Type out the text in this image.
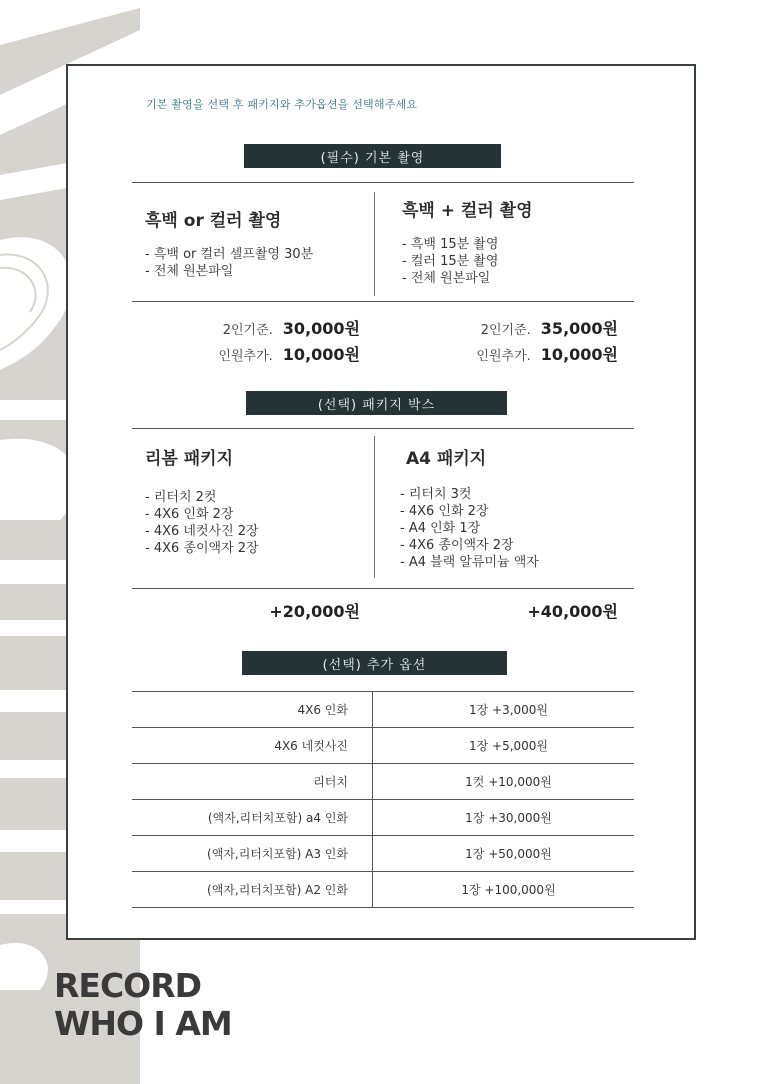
기본 촬영을 선택 후 패키지와 추가옵션을 선택해주세요
(필수) 기본 촬영
흑백 or 컬러 촬영
- 흑백 or 컬러 셀프촬영 30분
- 전체 원본파일
흑백 + 컬러 촬영
- 흑백 15분 촬영
- 컬러 15분 촬영
- 전체 원본파일
2인기준. 30,000원
인원추가. 10,000원
2인기준. 35,000원
인원추가. 10,000원
(선택) 패키지 박스
리봄 패키지
- 리터치 2컷
- 4X6 인화 2장
- 4X6 네컷사진 2장
- 4X6 종이액자 2장
A4 패키지
- 리터치 3컷
- 4X6 인화 2장
- A4 인화 1장
- 4X6 종이액자 2장
- A4 블랙 알류미늄 액자
+20,000원	+40,000원
(선택) 추가 옵션
4X6 인화	1장 +3,000원
4X6 네컷사진	1장 +5,000원
리터치	1컷 +10,000원
(액자,리터치포함) a4 인화	1장 +30,000원
(액자,리터치포함) A3 인화	1장 +50,000원
(액자,리터치포함) A2 인화	1장 +100,000원
RECORD
WHO I AM
